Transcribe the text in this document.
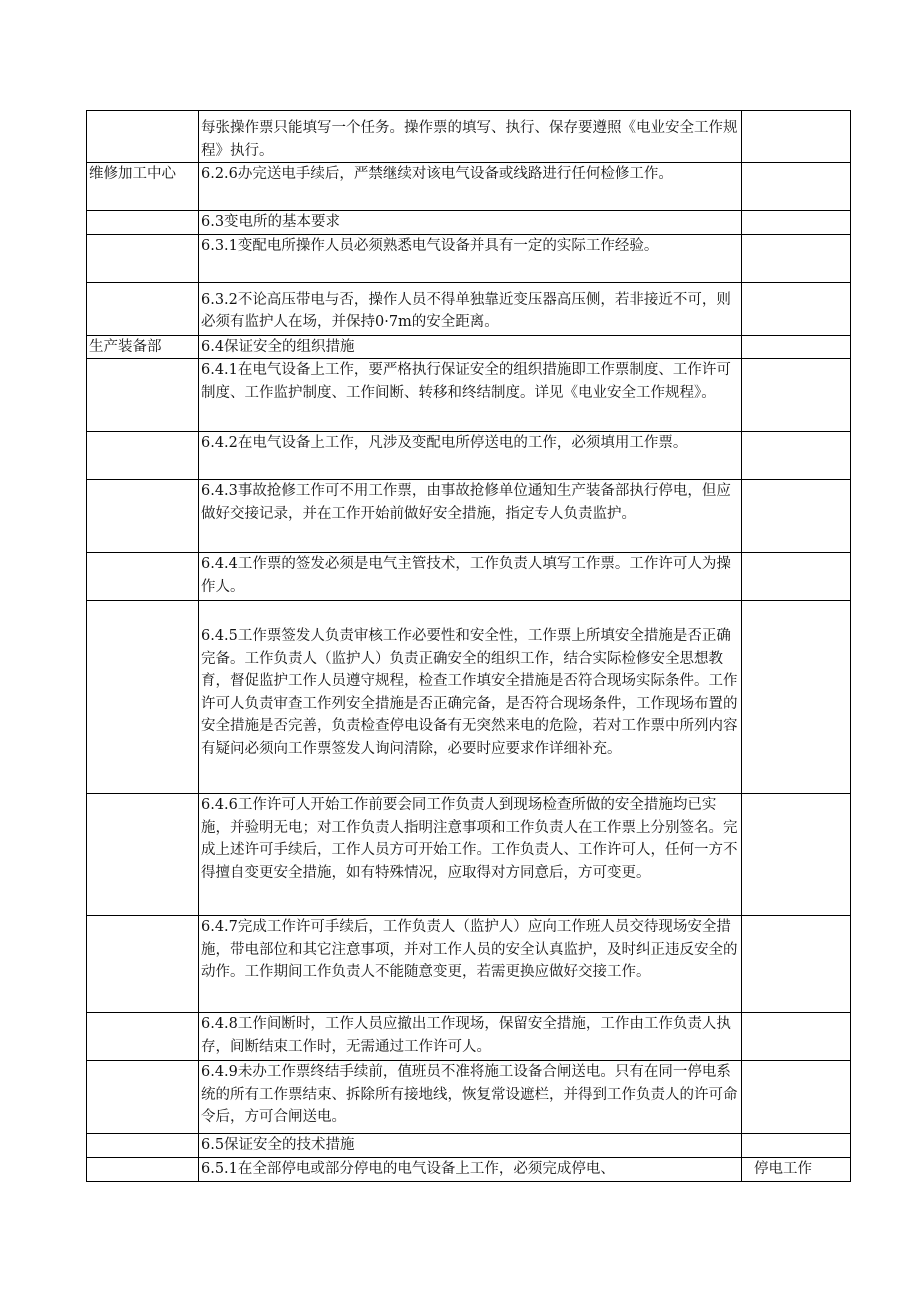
	每张操作票只能填写一个任务。操作票的填写、执行、保存要遵照《电业安全工作规程》执行。	
维修加工中心	6.2.6办完送电手续后，严禁继续对该电气设备或线路进行任何检修工作。	
	6.3变电所的基本要求	
	6.3.1变配电所操作人员必须熟悉电气设备并具有一定的实际工作经验。	
	6.3.2不论高压带电与否，操作人员不得单独靠近变压器高压侧，若非接近不可，则必须有监护人在场，并保持0·7m的安全距离。	
生产装备部	6.4保证安全的组织措施	
	6.4.1在电气设备上工作，要严格执行保证安全的组织措施即工作票制度、工作许可制度、工作监护制度、工作间断、转移和终结制度。详见《电业安全工作规程》。	
	6.4.2在电气设备上工作，凡涉及变配电所停送电的工作，必须填用工作票。	
	6.4.3事故抢修工作可不用工作票，由事故抢修单位通知生产装备部执行停电，但应做好交接记录，并在工作开始前做好安全措施，指定专人负责监护。	
	6.4.4工作票的签发必须是电气主管技术，工作负责人填写工作票。工作许可人为操作人。	
	6.4.5工作票签发人负责审核工作必要性和安全性，工作票上所填安全措施是否正确完备。工作负责人（监护人）负责正确安全的组织工作，结合实际检修安全思想教育，督促监护工作人员遵守规程，检查工作填安全措施是否符合现场实际条件。工作许可人负责审查工作列安全措施是否正确完备，是否符合现场条件，工作现场布置的安全措施是否完善，负责检查停电设备有无突然来电的危险，若对工作票中所列内容有疑问必须向工作票签发人询问清除，必要时应要求作详细补充。	
	6.4.6工作许可人开始工作前要会同工作负责人到现场检查所做的安全措施均已实施，并验明无电；对工作负责人指明注意事项和工作负责人在工作票上分别签名。完成上述许可手续后，工作人员方可开始工作。工作负责人、工作许可人，任何一方不得擅自变更安全措施，如有特殊情况，应取得对方同意后，方可变更。	
	6.4.7完成工作许可手续后，工作负责人（监护人）应向工作班人员交待现场安全措施，带电部位和其它注意事项，并对工作人员的安全认真监护，及时纠正违反安全的动作。工作期间工作负责人不能随意变更，若需更换应做好交接工作。	
	6.4.8工作间断时，工作人员应撤出工作现场，保留安全措施，工作由工作负责人执存，间断结束工作时，无需通过工作许可人。	
	6.4.9未办工作票终结手续前，值班员不准将施工设备合闸送电。只有在同一停电系统的所有工作票结束、拆除所有接地线，恢复常设遮栏，并得到工作负责人的许可命令后，方可合闸送电。	
	6.5保证安全的技术措施	
	6.5.1在全部停电或部分停电的电气设备上工作，必须完成停电、	停电工作
